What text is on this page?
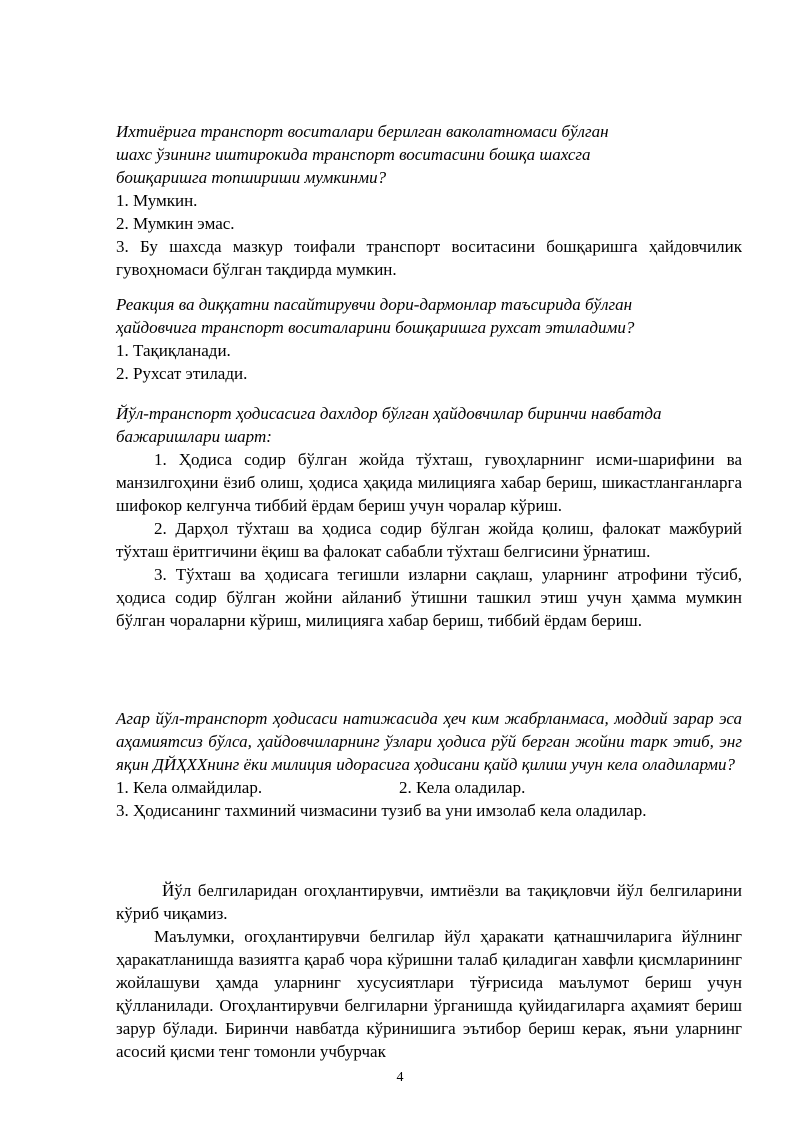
Ихтиёрига транспорт воситалари берилган ваколатномаси бўлган

шахс ўзининг иштирокида транспорт воситасини бошқа шахсга

бошқаришга топшириши мумкинми?

1. Мумкин.

2. Мумкин эмас.

3. Бу шахсда мазкур тоифали транспорт воситасини бошқаришга ҳайдовчилик гувоҳномаси бўлган тақдирда мумкин.

Реакция ва диққатни пасайтирувчи дори-дармонлар таъсирида бўлган

ҳайдовчига транспорт воситаларини бошқаришга рухсат этиладими?

1. Тақиқланади.

2. Рухсат этилади.

Йўл-транспорт ҳодисасига дахлдор бўлган ҳайдовчилар биринчи навбатда

бажаришлари шарт:

1. Ҳодиса содир бўлган жойда тўхташ, гувоҳларнинг исми-шарифини ва манзилгоҳини ёзиб олиш, ҳодиса ҳақида милицияга хабар бериш, шикастланганларга шифокор келгунча тиббий ёрдам бериш учун чоралар кўриш.

2. Дарҳол тўхташ ва ҳодиса содир бўлган жойда қолиш, фалокат мажбурий тўхташ ёритгичини ёқиш ва фалокат сабабли тўхташ белгисини ўрнатиш.

3. Тўхташ ва ҳодисага тегишли изларни сақлаш, уларнинг атрофини тўсиб, ҳодиса содир бўлган жойни айланиб ўтишни ташкил этиш учун ҳамма мумкин бўлган чораларни кўриш, милицияга хабар бериш, тиббий ёрдам бериш.

Агар йўл-транспорт ҳодисаси натижасида ҳеч ким жабрланмаса, моддий зарар эса аҳамиятсиз бўлса, ҳайдовчиларнинг ўзлари ҳодиса рўй берган жойни тарк этиб, энг яқин ДЙҲХХнинг ёки милиция идорасига ҳодисани қайд қилиш учун кела оладиларми?

1. Кела олмайдилар.	2. Кела оладилар.

3. Ҳодисанинг тахминий чизмасини тузиб ва уни имзолаб кела оладилар.

Йўл белгиларидан огоҳлантирувчи, имтиёзли ва тақиқловчи йўл белгиларини кўриб чиқамиз.

Маълумки, огоҳлантирувчи белгилар йўл ҳаракати қатнашчиларига йўлнинг ҳаракатланишда вазиятга қараб чора кўришни талаб қиладиган хавфли қисмларининг жойлашуви ҳамда уларнинг хусусиятлари тўғрисида маълумот бериш учун қўлланилади. Огоҳлантирувчи белгиларни ўрганишда қуйидагиларга аҳамият бериш зарур бўлади. Биринчи навбатда кўринишига эътибор бериш керак, яъни уларнинг асосий қисми тенг томонли учбурчак

4
